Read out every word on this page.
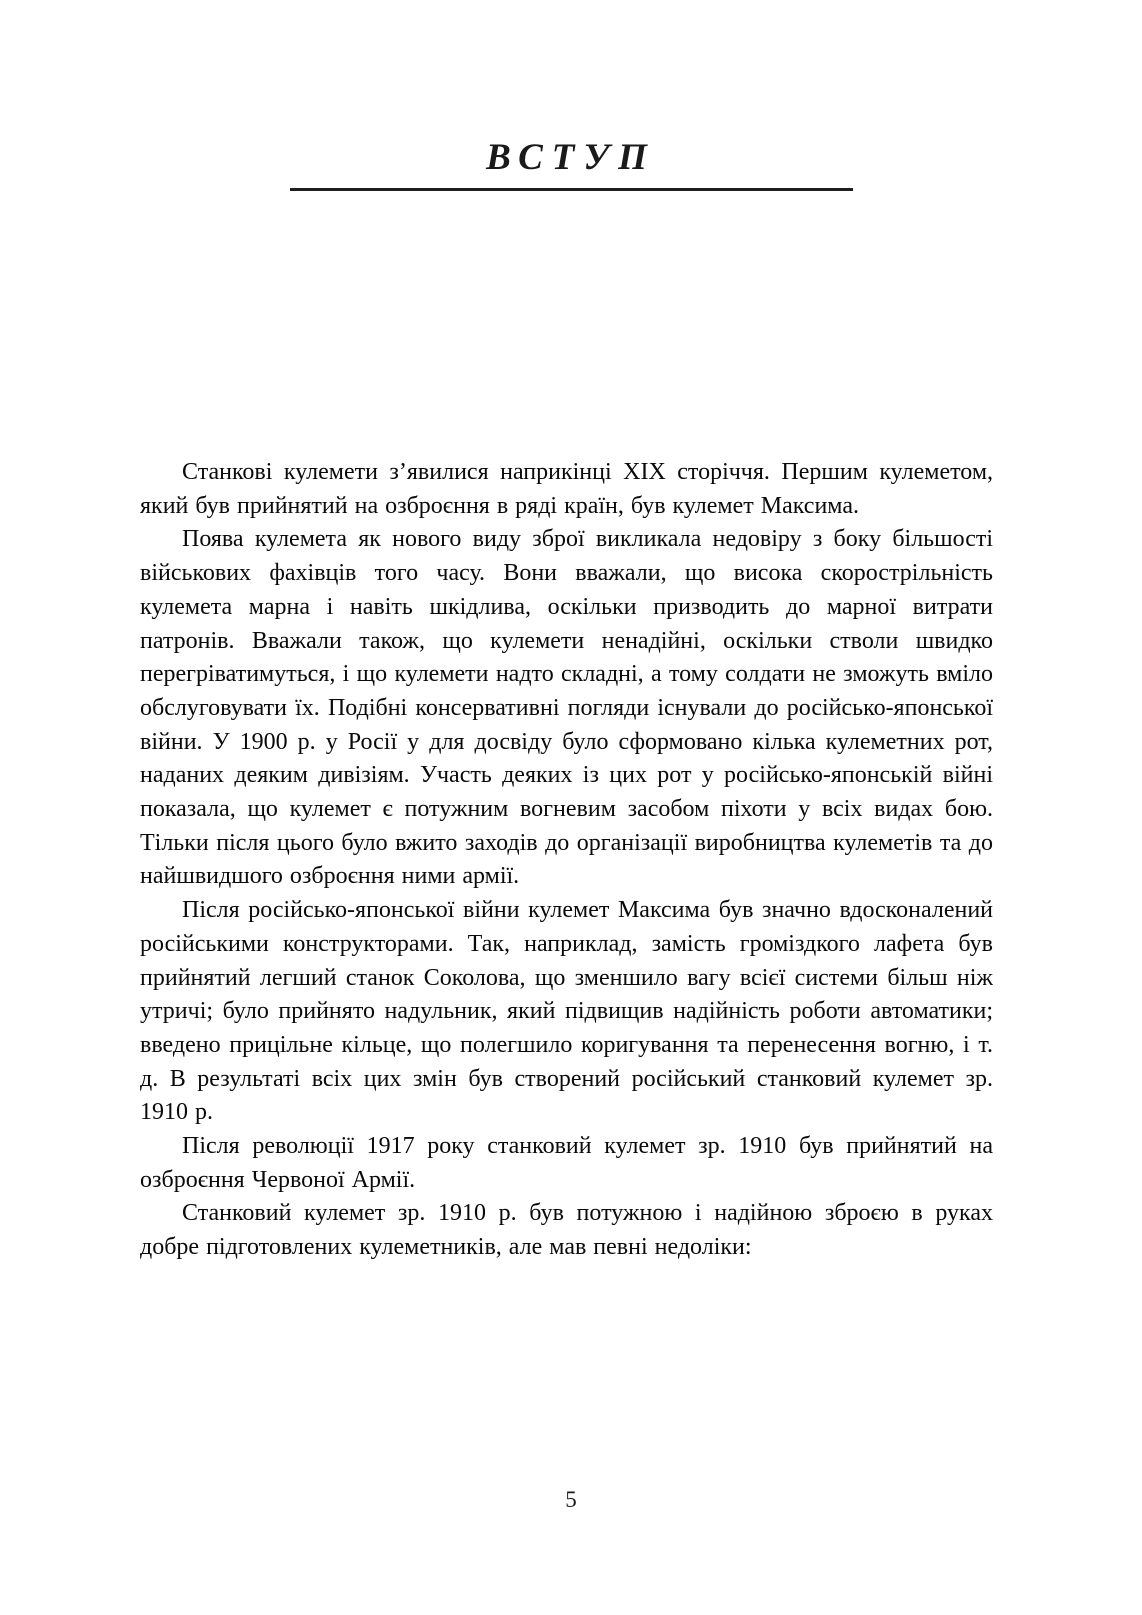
ВСТУП

Станкові кулемети з’явилися наприкінці XIX сторіччя. Першим кулеметом, який був прийнятий на озброєння в ряді країн, був кулемет Максима.

Поява кулемета як нового виду зброї викликала недовіру з боку більшості військових фахівців того часу. Вони вважали, що висока скорострільність кулемета марна і навіть шкідлива, оскільки призводить до марної витрати патронів. Вважали також, що кулемети ненадійні, оскільки стволи швидко перегріватимуться, і що кулемети надто складні, а тому солдати не зможуть вміло обслуговувати їх. Подібні консервативні погляди існували до російсько-японської війни. У 1900 р. у Росії у для досвіду було сформовано кілька кулеметних рот, наданих деяким дивізіям. Участь деяких із цих рот у російсько-японській війні показала, що кулемет є потужним вогневим засобом піхоти у всіх видах бою. Тільки після цього було вжито заходів до організації виробництва кулеметів та до найшвидшого озброєння ними армії.

Після російсько-японської війни кулемет Максима був значно вдосконалений російськими конструкторами. Так, наприклад, замість громіздкого лафета був прийнятий легший станок Соколова, що зменшило вагу всієї системи більш ніж утричі; було прийнято надульник, який підвищив надійність роботи автоматики; введено прицільне кільце, що полегшило коригування та перенесення вогню, і т. д. В результаті всіх цих змін був створений російський станковий кулемет зр. 1910 р.

Після революції 1917 року станковий кулемет зр. 1910 був прийнятий на озброєння Червоної Армії.

Станковий кулемет зр. 1910 р. був потужною і надійною зброєю в руках добре підготовлених кулеметників, але мав певні недоліки:

5
